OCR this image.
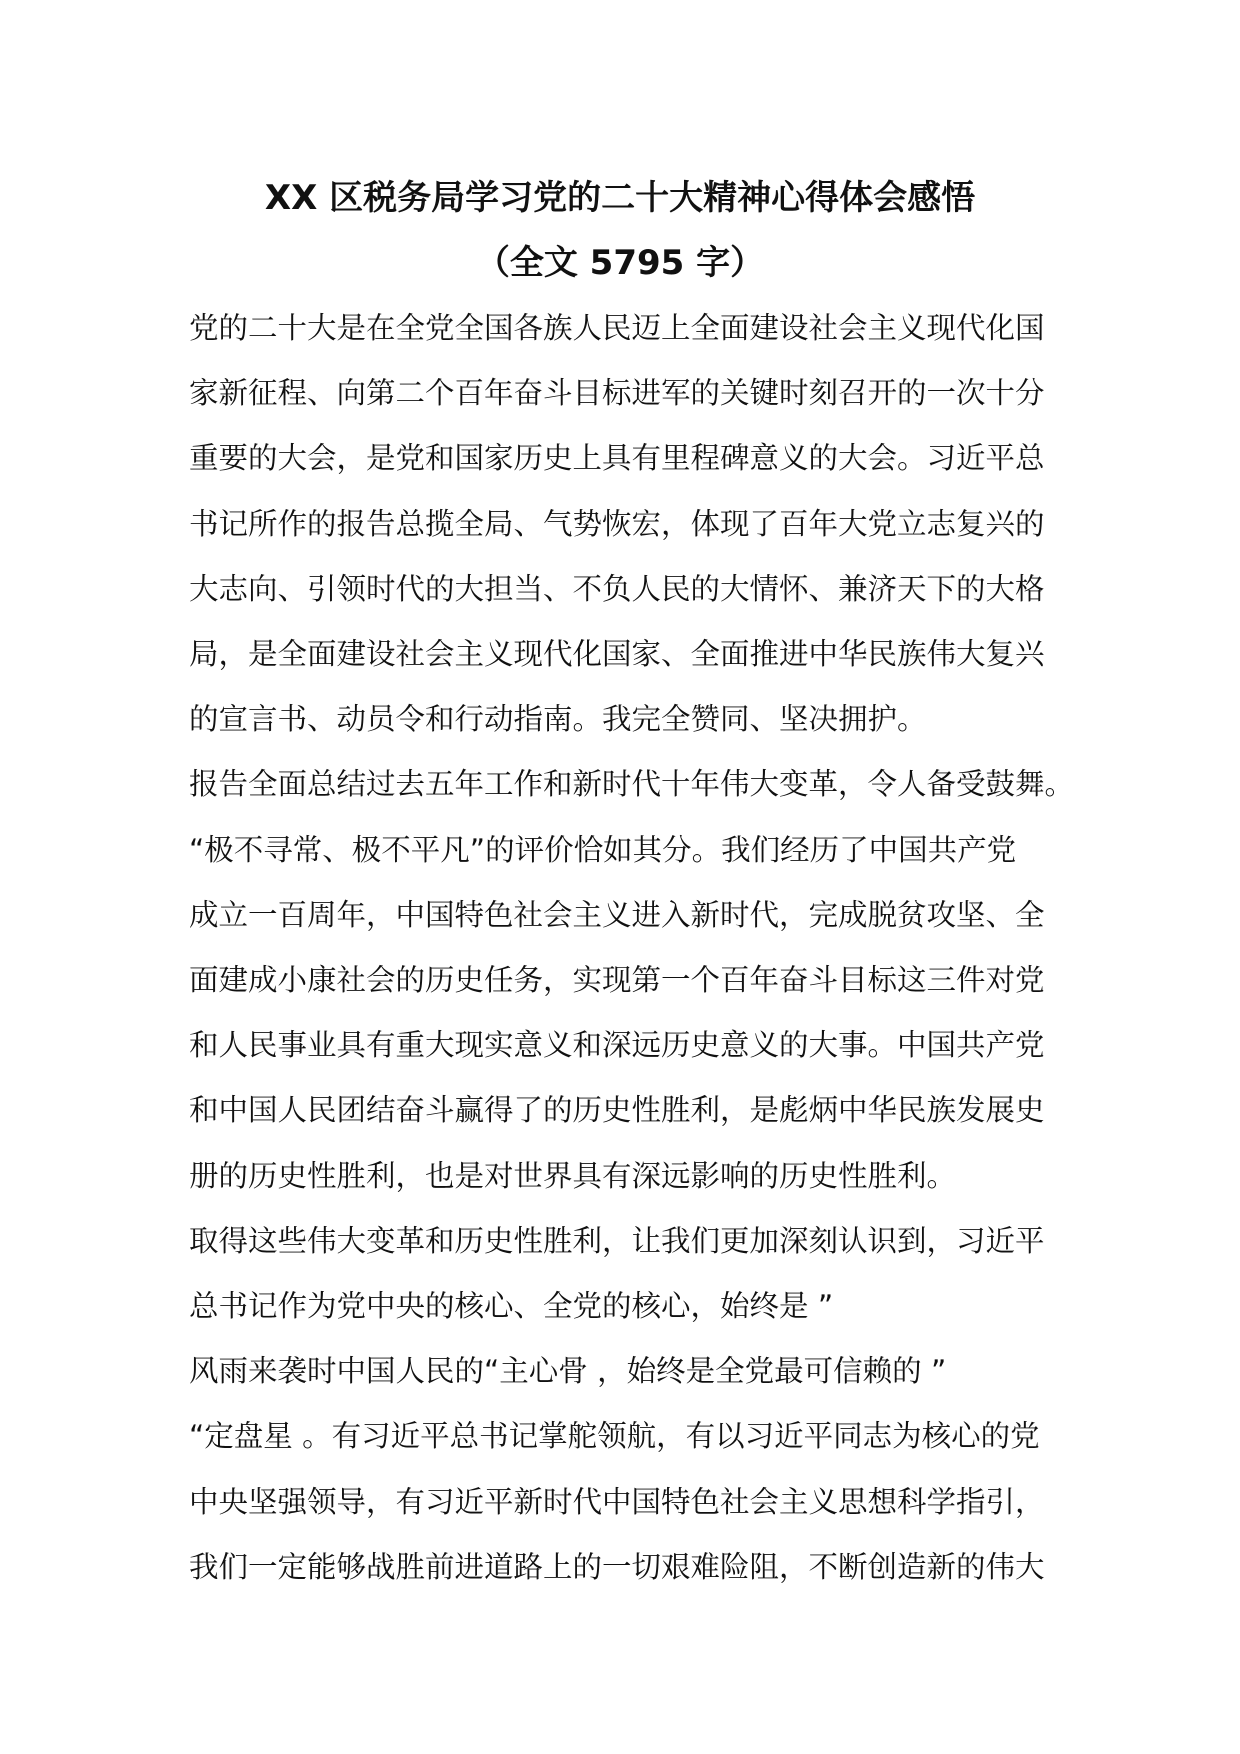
XX 区税务局学习党的二十大精神心得体会感悟
（全文 5795 字）
党的二十大是在全党全国各族人民迈上全面建设社会主义现代化国
家新征程、向第二个百年奋斗目标进军的关键时刻召开的一次十分
重要的大会，是党和国家历史上具有里程碑意义的大会。习近平总
书记所作的报告总揽全局、气势恢宏，体现了百年大党立志复兴的
大志向、引领时代的大担当、不负人民的大情怀、兼济天下的大格
局，是全面建设社会主义现代化国家、全面推进中华民族伟大复兴
的宣言书、动员令和行动指南。我完全赞同、坚决拥护。
报告全面总结过去五年工作和新时代十年伟大变革，令人备受鼓舞。
“极不寻常、极不平凡”的评价恰如其分。我们经历了中国共产党
成立一百周年，中国特色社会主义进入新时代，完成脱贫攻坚、全
面建成小康社会的历史任务，实现第一个百年奋斗目标这三件对党
和人民事业具有重大现实意义和深远历史意义的大事。中国共产党
和中国人民团结奋斗赢得了的历史性胜利，是彪炳中华民族发展史
册的历史性胜利，也是对世界具有深远影响的历史性胜利。
取得这些伟大变革和历史性胜利，让我们更加深刻认识到，习近平
总书记作为党中央的核心、全党的核心，始终是 ”
风雨来袭时中国人民的“主心骨 ，始终是全党最可信赖的 ”
“定盘星 。有习近平总书记掌舵领航，有以习近平同志为核心的党
中央坚强领导，有习近平新时代中国特色社会主义思想科学指引，
我们一定能够战胜前进道路上的一切艰难险阻，不断创造新的伟大
